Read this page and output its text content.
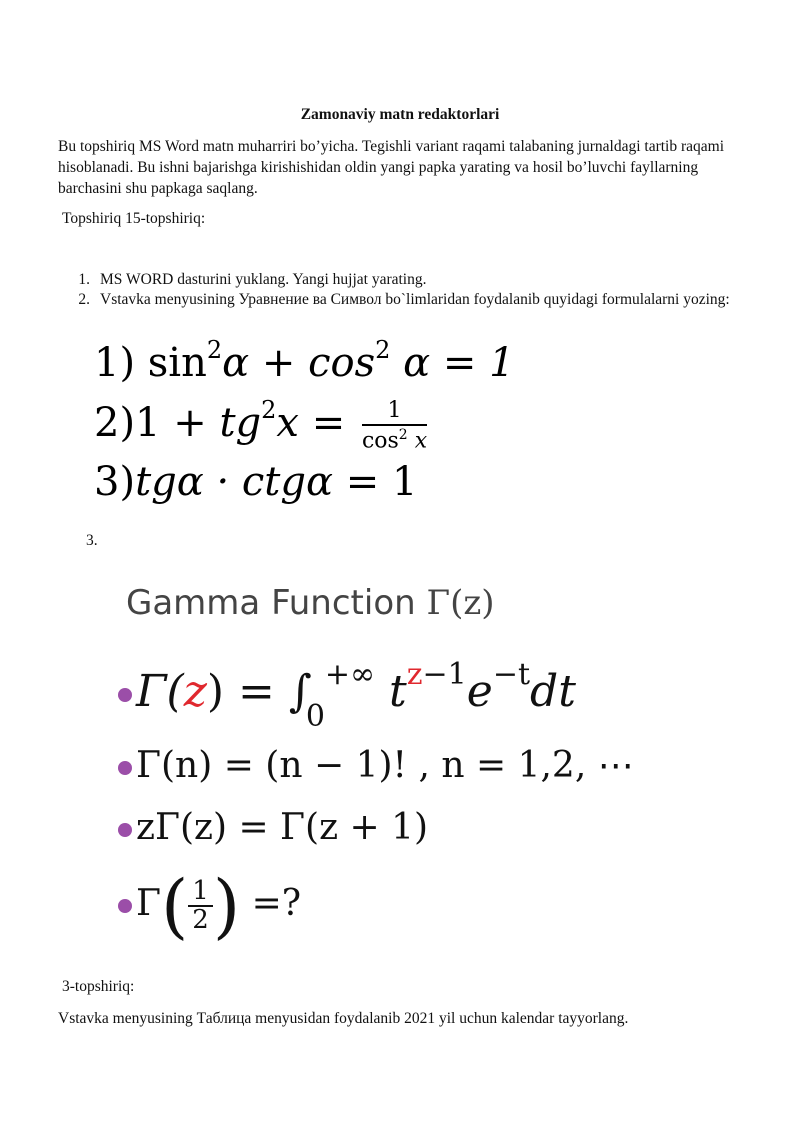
Zamonaviy matn redaktorlari
Bu topshiriq MS Word matn muharriri bo’yicha. Tegishli variant raqami talabaning jurnaldagi tartib raqami hisoblanadi. Bu ishni bajarishga kirishishidan oldin yangi papka yarating va hosil bo’luvchi fayllarning barchasini shu papkaga saqlang.
Topshiriq 15-topshiriq:
1. MS WORD dasturini yuklang. Yangi hujjat yarating.
2. Vstavka menyusining Уравнение ва Символ bo`limlaridan foydalanib quyidagi formulalarni yozing:
1) $\sin^2\alpha + \cos^2 \alpha = 1$
$2)1 + tg^2x = \frac{1}{\cos^2 x}$
3)tgα · ctgα = 1
3.
Gamma Function Γ(z)
$\Gamma(z) = \int_0^{+\infty}$ $t^{z-1}e^{-t}dt$
Γ(n) = (n − 1)! , n = 1,2, ⋯
zΓ(z) = Γ(z + 1)
$\Gamma( \frac{1}{2}$ ) =?
3-topshiriq:
Vstavka menyusining Таблица menyusidan foydalanib 2021 yil uchun kalendar tayyorlang.
